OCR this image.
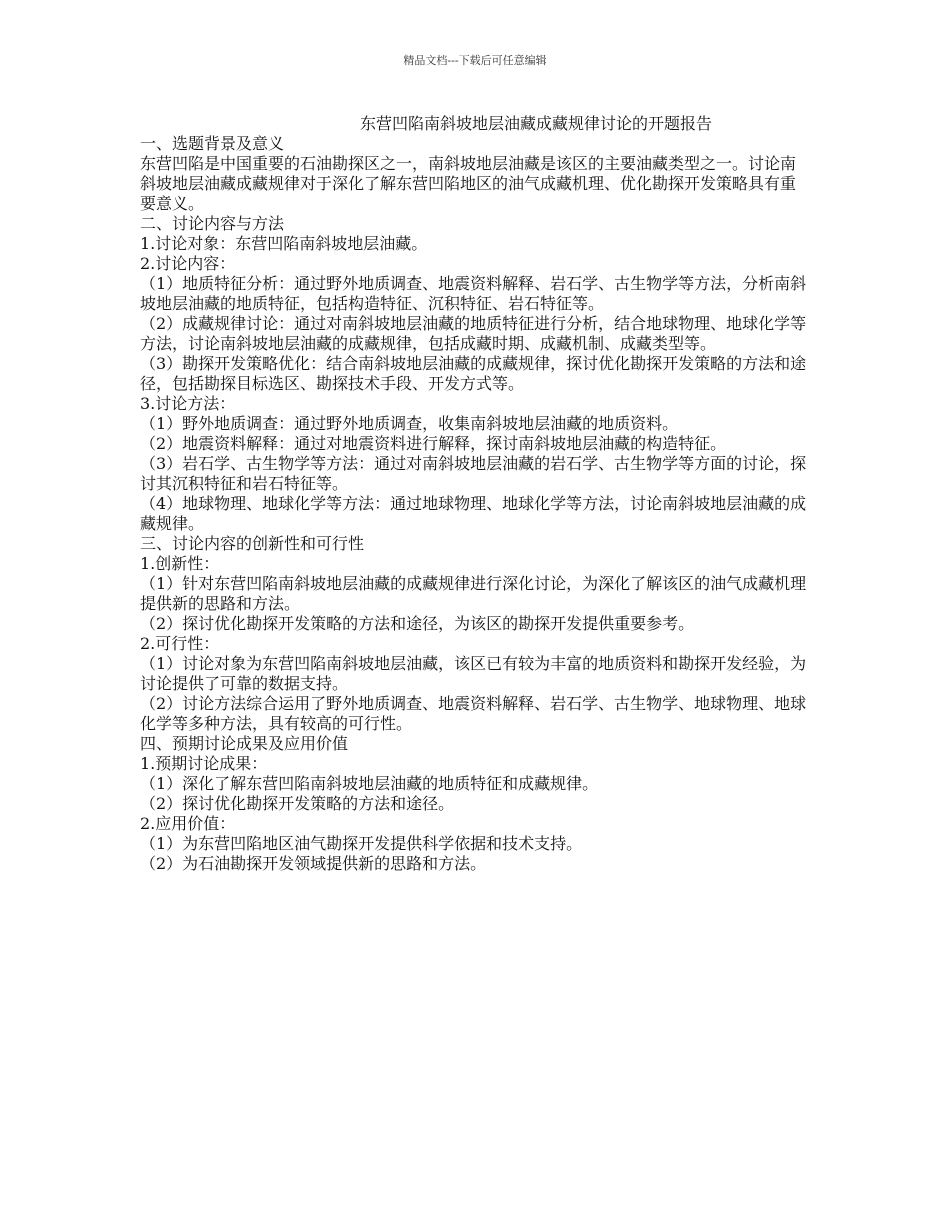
精品文档---下载后可任意编辑
东营凹陷南斜坡地层油藏成藏规律讨论的开题报告

一、选题背景及意义

东营凹陷是中国重要的石油勘探区之一，南斜坡地层油藏是该区的主要油藏类型之一。讨论南斜坡地层油藏成藏规律对于深化了解东营凹陷地区的油气成藏机理、优化勘探开发策略具有重要意义。

二、讨论内容与方法

1.讨论对象：东营凹陷南斜坡地层油藏。

2.讨论内容：

（1）地质特征分析：通过野外地质调查、地震资料解释、岩石学、古生物学等方法，分析南斜坡地层油藏的地质特征，包括构造特征、沉积特征、岩石特征等。

（2）成藏规律讨论：通过对南斜坡地层油藏的地质特征进行分析，结合地球物理、地球化学等方法，讨论南斜坡地层油藏的成藏规律，包括成藏时期、成藏机制、成藏类型等。

（3）勘探开发策略优化：结合南斜坡地层油藏的成藏规律，探讨优化勘探开发策略的方法和途径，包括勘探目标选区、勘探技术手段、开发方式等。

3.讨论方法：

（1）野外地质调查：通过野外地质调查，收集南斜坡地层油藏的地质资料。

（2）地震资料解释：通过对地震资料进行解释，探讨南斜坡地层油藏的构造特征。

（3）岩石学、古生物学等方法：通过对南斜坡地层油藏的岩石学、古生物学等方面的讨论，探讨其沉积特征和岩石特征等。

（4）地球物理、地球化学等方法：通过地球物理、地球化学等方法，讨论南斜坡地层油藏的成藏规律。

三、讨论内容的创新性和可行性

1.创新性：

（1）针对东营凹陷南斜坡地层油藏的成藏规律进行深化讨论，为深化了解该区的油气成藏机理提供新的思路和方法。

（2）探讨优化勘探开发策略的方法和途径，为该区的勘探开发提供重要参考。

2.可行性：

（1）讨论对象为东营凹陷南斜坡地层油藏，该区已有较为丰富的地质资料和勘探开发经验，为讨论提供了可靠的数据支持。

（2）讨论方法综合运用了野外地质调查、地震资料解释、岩石学、古生物学、地球物理、地球化学等多种方法，具有较高的可行性。

四、预期讨论成果及应用价值

1.预期讨论成果：

（1）深化了解东营凹陷南斜坡地层油藏的地质特征和成藏规律。

（2）探讨优化勘探开发策略的方法和途径。

2.应用价值：

（1）为东营凹陷地区油气勘探开发提供科学依据和技术支持。

（2）为石油勘探开发领域提供新的思路和方法。
